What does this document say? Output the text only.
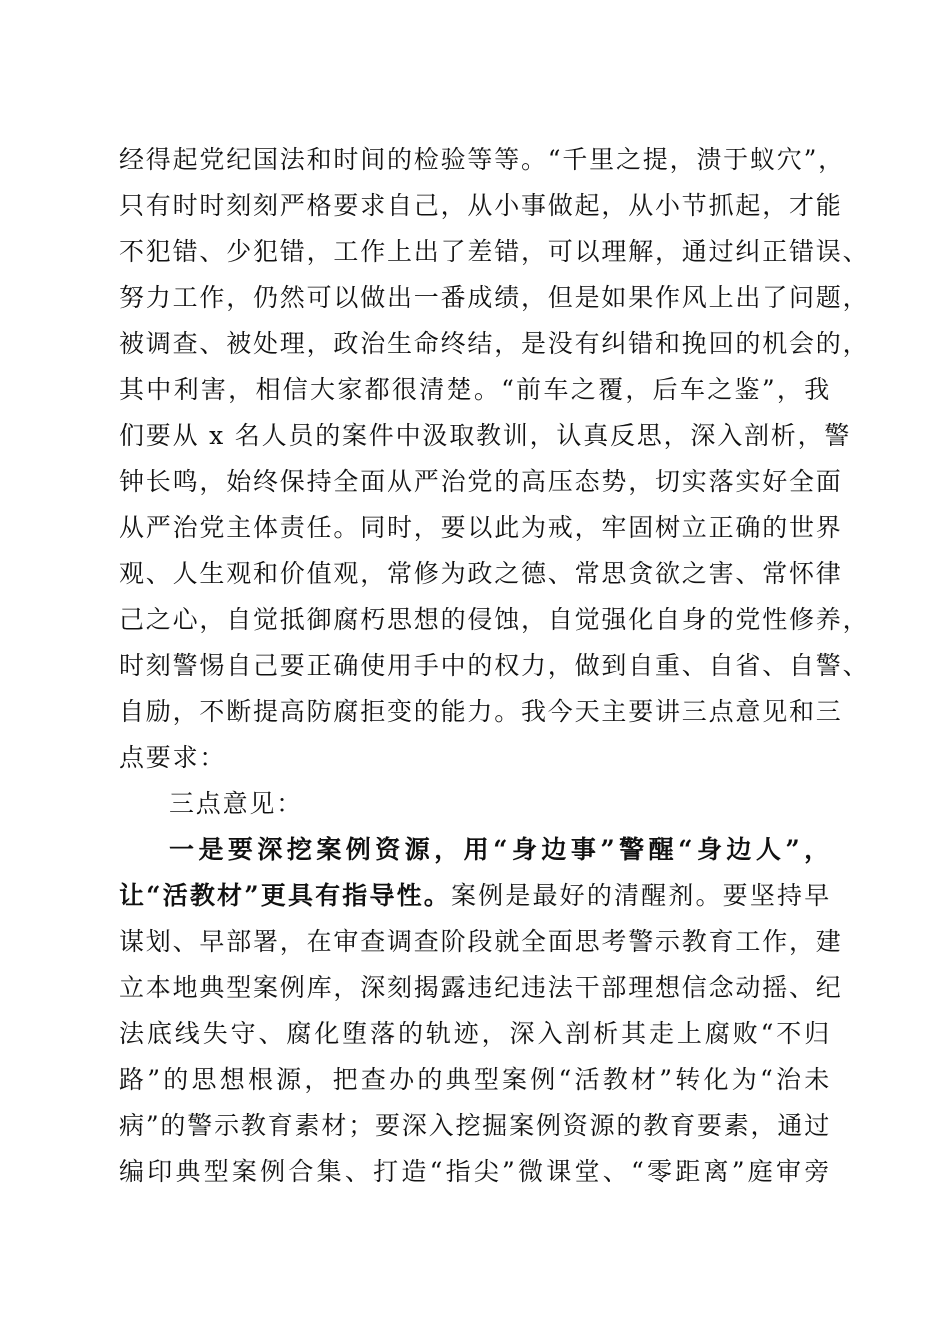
经得起党纪国法和时间的检验等等。“千里之提，溃于蚁穴”，
只有时时刻刻严格要求自己，从小事做起，从小节抓起，才能
不犯错、少犯错，工作上出了差错，可以理解，通过纠正错误、
努力工作，仍然可以做出一番成绩，但是如果作风上出了问题，
被调查、被处理，政治生命终结，是没有纠错和挽回的机会的，
其中利害，相信大家都很清楚。“前车之覆，后车之鉴”，我
们要从 x 名人员的案件中汲取教训，认真反思，深入剖析，警
钟长鸣，始终保持全面从严治党的高压态势，切实落实好全面
从严治党主体责任。同时，要以此为戒，牢固树立正确的世界
观、人生观和价值观，常修为政之德、常思贪欲之害、常怀律
己之心，自觉抵御腐朽思想的侵蚀，自觉强化自身的党性修养，
时刻警惕自己要正确使用手中的权力，做到自重、自省、自警、
自励，不断提高防腐拒变的能力。我今天主要讲三点意见和三
点要求：
三点意见：
一是要深挖案例资源，用“身边事”警醒“身边人”，
让“活教材”更具有指导性。案例是最好的清醒剂。要坚持早
谋划、早部署，在审查调查阶段就全面思考警示教育工作，建
立本地典型案例库，深刻揭露违纪违法干部理想信念动摇、纪
法底线失守、腐化堕落的轨迹，深入剖析其走上腐败“不归
路”的思想根源，把查办的典型案例“活教材”转化为“治未
病”的警示教育素材；要深入挖掘案例资源的教育要素，通过
编印典型案例合集、打造“指尖”微课堂、“零距离”庭审旁
